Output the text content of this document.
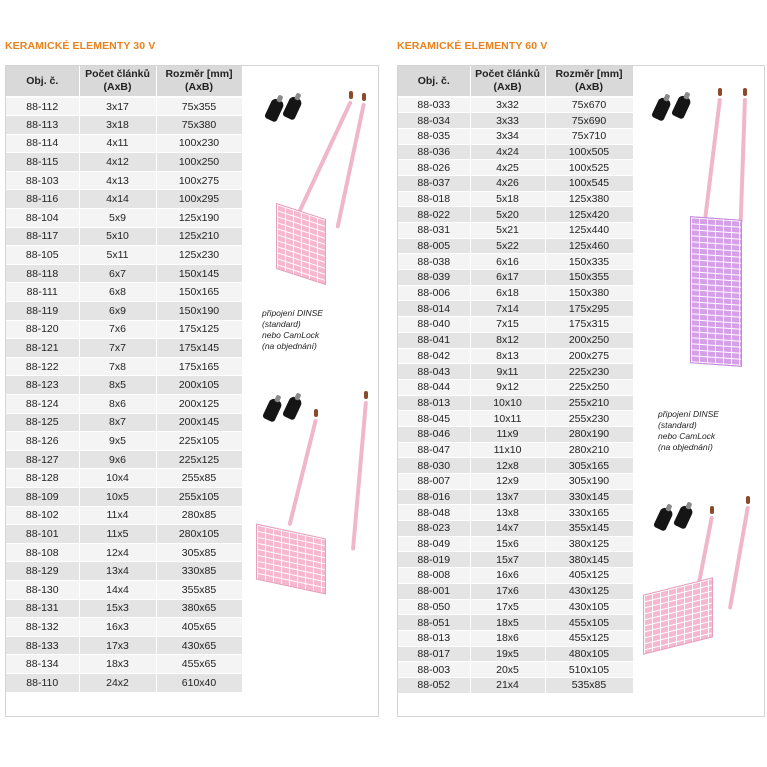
KERAMICKÉ ELEMENTY 30 V
Obj. č.	Počet článků (AxB)	Rozměr [mm] (AxB)
88-112	3x17	75x355
88-113	3x18	75x380
88-114	4x11	100x230
88-115	4x12	100x250
88-103	4x13	100x275
88-116	4x14	100x295
88-104	5x9	125x190
88-117	5x10	125x210
88-105	5x11	125x230
88-118	6x7	150x145
88-111	6x8	150x165
88-119	6x9	150x190
88-120	7x6	175x125
88-121	7x7	175x145
88-122	7x8	175x165
88-123	8x5	200x105
88-124	8x6	200x125
88-125	8x7	200x145
88-126	9x5	225x105
88-127	9x6	225x125
88-128	10x4	255x85
88-109	10x5	255x105
88-102	11x4	280x85
88-101	11x5	280x105
88-108	12x4	305x85
88-129	13x4	330x85
88-130	14x4	355x85
88-131	15x3	380x65
88-132	16x3	405x65
88-133	17x3	430x65
88-134	18x3	455x65
88-110	24x2	610x40
připojení DINSE
(standard)
nebo CamLock
(na objednání)
KERAMICKÉ ELEMENTY 60 V
Obj. č.	Počet článků (AxB)	Rozměr [mm] (AxB)
88-033	3x32	75x670
88-034	3x33	75x690
88-035	3x34	75x710
88-036	4x24	100x505
88-026	4x25	100x525
88-037	4x26	100x545
88-018	5x18	125x380
88-022	5x20	125x420
88-031	5x21	125x440
88-005	5x22	125x460
88-038	6x16	150x335
88-039	6x17	150x355
88-006	6x18	150x380
88-014	7x14	175x295
88-040	7x15	175x315
88-041	8x12	200x250
88-042	8x13	200x275
88-043	9x11	225x230
88-044	9x12	225x250
88-013	10x10	255x210
88-045	10x11	255x230
88-046	11x9	280x190
88-047	11x10	280x210
88-030	12x8	305x165
88-007	12x9	305x190
88-016	13x7	330x145
88-048	13x8	330x165
88-023	14x7	355x145
88-049	15x6	380x125
88-019	15x7	380x145
88-008	16x6	405x125
88-001	17x6	430x125
88-050	17x5	430x105
88-051	18x5	455x105
88-013	18x6	455x125
88-017	19x5	480x105
88-003	20x5	510x105
88-052	21x4	535x85
připojení DINSE
(standard)
nebo CamLock
(na objednání)
